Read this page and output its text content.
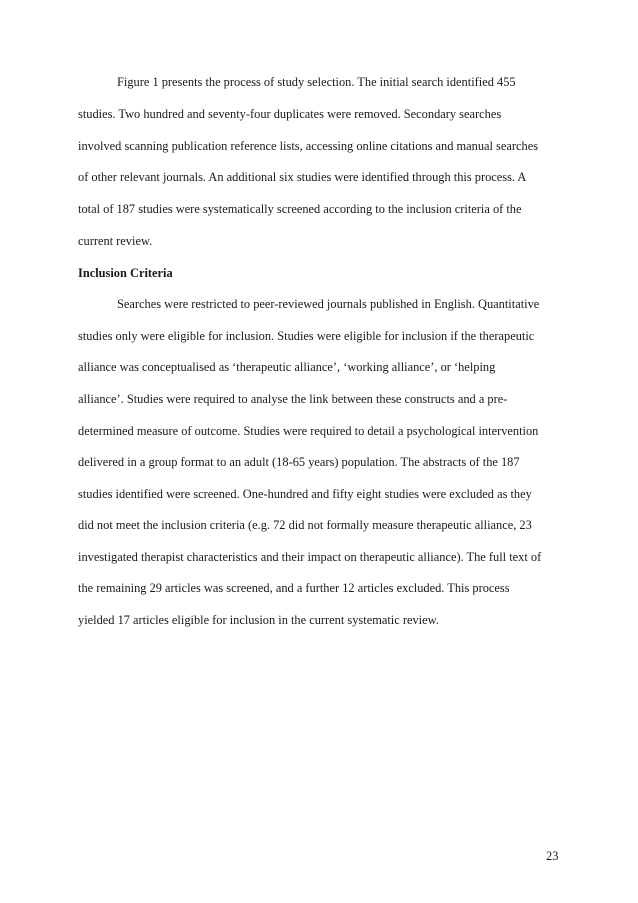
Figure 1 presents the process of study selection. The initial search identified 455
studies. Two hundred and seventy-four duplicates were removed. Secondary searches
involved scanning publication reference lists, accessing online citations and manual searches
of other relevant journals. An additional six studies were identified through this process. A
total of 187 studies were systematically screened according to the inclusion criteria of the
current review.
Inclusion Criteria
Searches were restricted to peer-reviewed journals published in English. Quantitative
studies only were eligible for inclusion. Studies were eligible for inclusion if the therapeutic
alliance was conceptualised as ‘therapeutic alliance’, ‘working alliance’, or ‘helping
alliance’. Studies were required to analyse the link between these constructs and a pre-
determined measure of outcome. Studies were required to detail a psychological intervention
delivered in a group format to an adult (18-65 years) population. The abstracts of the 187
studies identified were screened. One-hundred and fifty eight studies were excluded as they
did not meet the inclusion criteria (e.g. 72 did not formally measure therapeutic alliance, 23
investigated therapist characteristics and their impact on therapeutic alliance). The full text of
the remaining 29 articles was screened, and a further 12 articles excluded. This process
yielded 17 articles eligible for inclusion in the current systematic review.
23
